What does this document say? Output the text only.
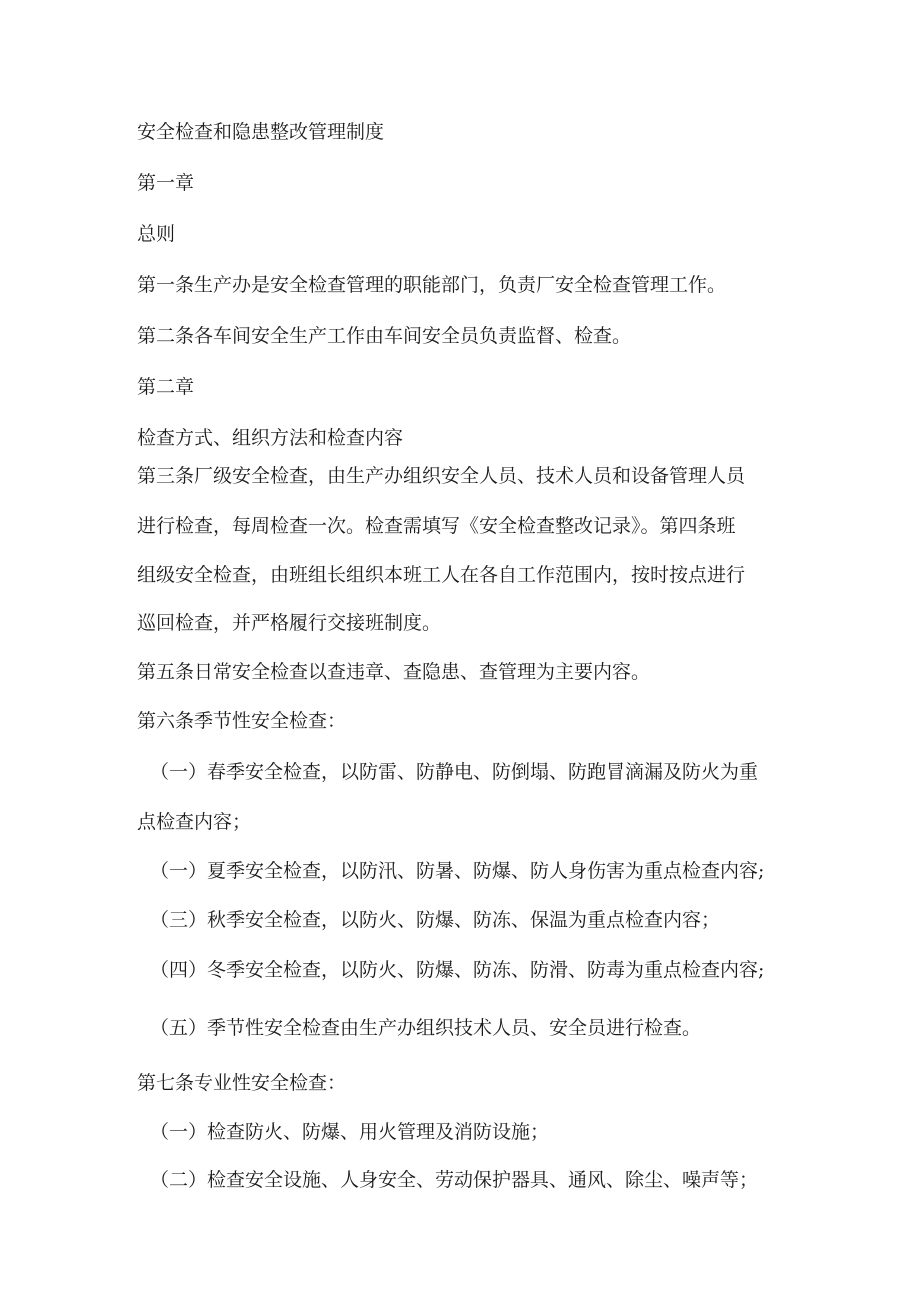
安全检查和隐患整改管理制度
第一章
总则
第一条生产办是安全检查管理的职能部门，负责厂安全检查管理工作。
第二条各车间安全生产工作由车间安全员负责监督、检查。
第二章
检查方式、组织方法和检查内容
第三条厂级安全检查，由生产办组织安全人员、技术人员和设备管理人员
进行检查，每周检查一次。检查需填写《安全检查整改记录》。第四条班
组级安全检查，由班组长组织本班工人在各自工作范围内，按时按点进行
巡回检查，并严格履行交接班制度。
第五条日常安全检查以查违章、查隐患、查管理为主要内容。
第六条季节性安全检查：
（一）春季安全检查，以防雷、防静电、防倒塌、防跑冒滴漏及防火为重
点检查内容；
（一）夏季安全检查，以防汛、防暑、防爆、防人身伤害为重点检查内容;
（三）秋季安全检查，以防火、防爆、防冻、保温为重点检查内容；
（四）冬季安全检查，以防火、防爆、防冻、防滑、防毒为重点检查内容;
（五）季节性安全检查由生产办组织技术人员、安全员进行检查。
第七条专业性安全检查：
（一）检查防火、防爆、用火管理及消防设施；
（二）检查安全设施、人身安全、劳动保护器具、通风、除尘、噪声等；
